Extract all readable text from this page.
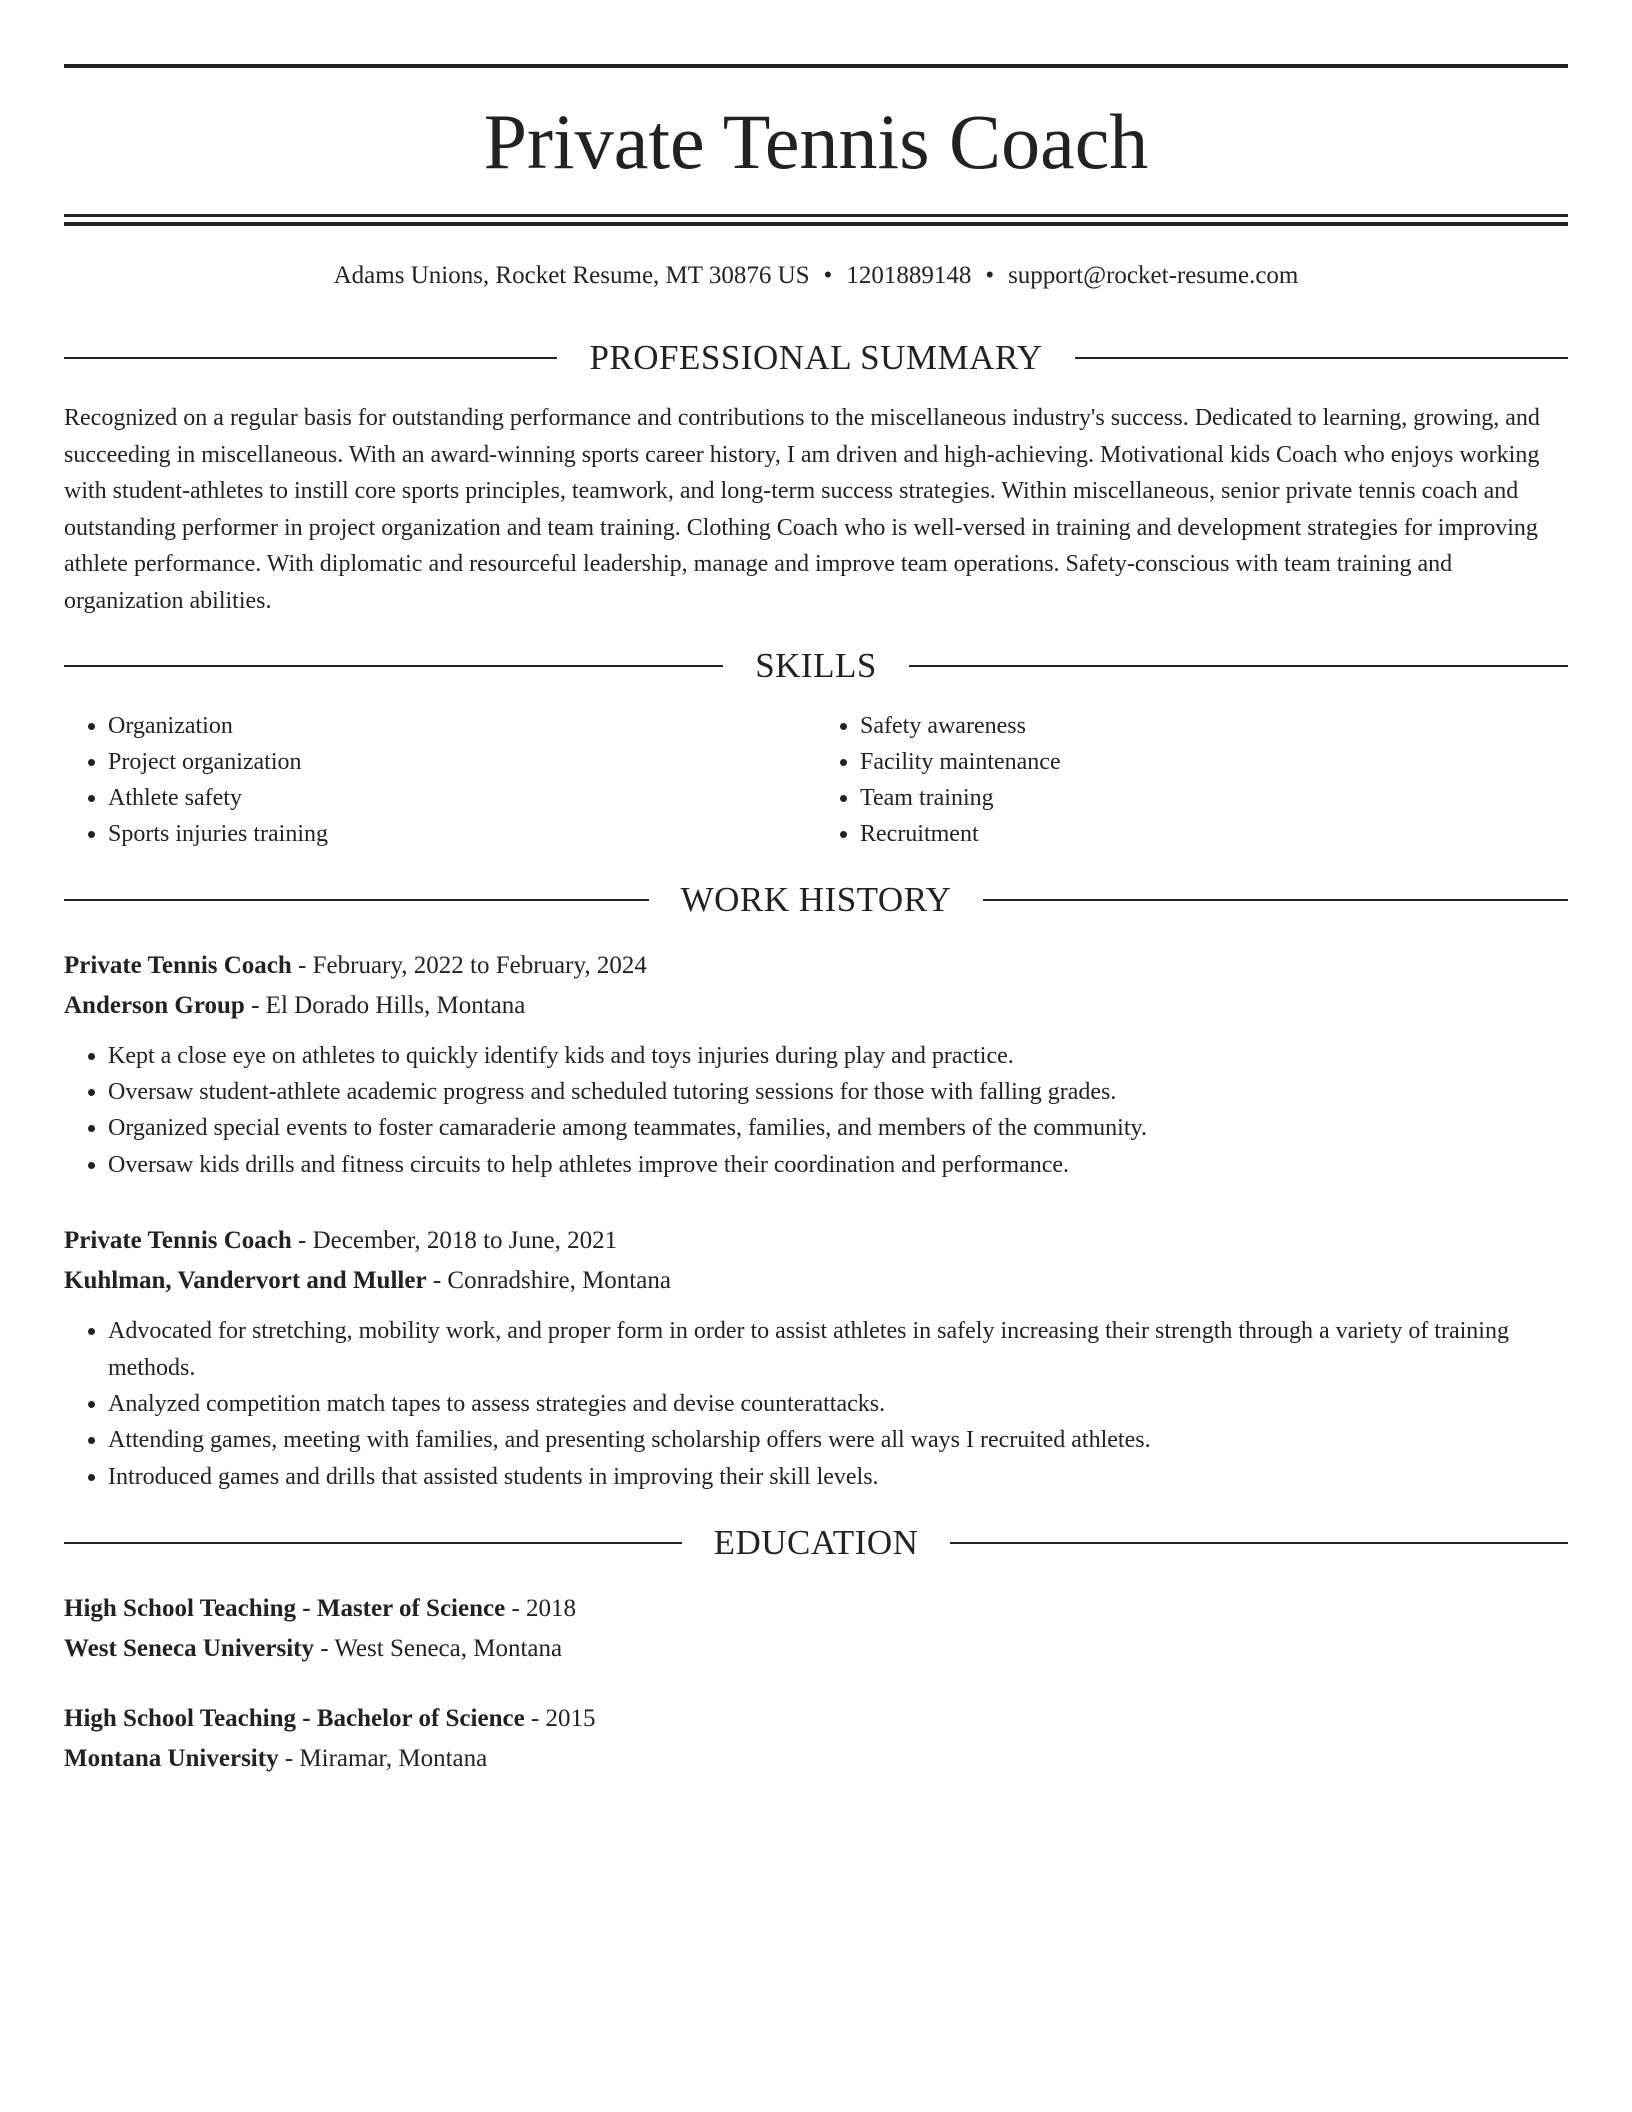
Private Tennis Coach
Adams Unions, Rocket Resume, MT 30876 US • 1201889148 • support@rocket-resume.com
PROFESSIONAL SUMMARY
Recognized on a regular basis for outstanding performance and contributions to the miscellaneous industry's success. Dedicated to learning, growing, and succeeding in miscellaneous. With an award-winning sports career history, I am driven and high-achieving. Motivational kids Coach who enjoys working with student-athletes to instill core sports principles, teamwork, and long-term success strategies. Within miscellaneous, senior private tennis coach and outstanding performer in project organization and team training. Clothing Coach who is well-versed in training and development strategies for improving athlete performance. With diplomatic and resourceful leadership, manage and improve team operations. Safety-conscious with team training and organization abilities.
SKILLS
• Organization
• Project organization
• Athlete safety
• Sports injuries training
• Safety awareness
• Facility maintenance
• Team training
• Recruitment
WORK HISTORY
Private Tennis Coach - February, 2022 to February, 2024
Anderson Group - El Dorado Hills, Montana
• Kept a close eye on athletes to quickly identify kids and toys injuries during play and practice.
• Oversaw student-athlete academic progress and scheduled tutoring sessions for those with falling grades.
• Organized special events to foster camaraderie among teammates, families, and members of the community.
• Oversaw kids drills and fitness circuits to help athletes improve their coordination and performance.
Private Tennis Coach - December, 2018 to June, 2021
Kuhlman, Vandervort and Muller - Conradshire, Montana
• Advocated for stretching, mobility work, and proper form in order to assist athletes in safely increasing their strength through a variety of training methods.
• Analyzed competition match tapes to assess strategies and devise counterattacks.
• Attending games, meeting with families, and presenting scholarship offers were all ways I recruited athletes.
• Introduced games and drills that assisted students in improving their skill levels.
EDUCATION
High School Teaching - Master of Science - 2018
West Seneca University - West Seneca, Montana
High School Teaching - Bachelor of Science - 2015
Montana University - Miramar, Montana
